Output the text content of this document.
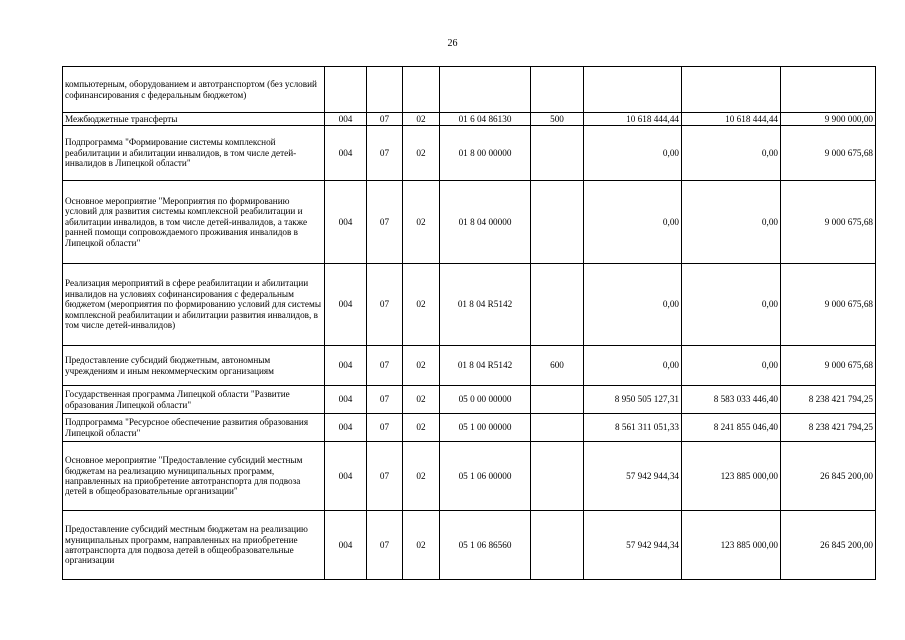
26
компьютерным, оборудованием и автотранспортом (без условий софинансирования с федеральным бюджетом)								
Межбюджетные трансферты	004	07	02	01 6 04 86130	500	10 618 444,44	10 618 444,44	9 900 000,00
Подпрограмма "Формирование системы комплексной реабилитации и абилитации инвалидов, в том числе детей-инвалидов в Липецкой области"	004	07	02	01 8 00 00000		0,00	0,00	9 000 675,68
Основное мероприятие "Мероприятия по формированию условий для развития системы комплексной реабилитации и абилитации инвалидов, в том числе детей-инвалидов, а также ранней помощи сопровождаемого проживания инвалидов в Липецкой области"	004	07	02	01 8 04 00000		0,00	0,00	9 000 675,68
Реализация мероприятий в сфере реабилитации и абилитации инвалидов на условиях софинансирования с федеральным бюджетом (мероприятия по формированию условий для системы комплексной реабилитации и абилитации развития инвалидов, в том числе детей-инвалидов)	004	07	02	01 8 04 R5142		0,00	0,00	9 000 675,68
Предоставление субсидий бюджетным, автономным учреждениям и иным некоммерческим организациям	004	07	02	01 8 04 R5142	600	0,00	0,00	9 000 675,68
Государственная программа Липецкой области "Развитие образования Липецкой области"	004	07	02	05 0 00 00000		8 950 505 127,31	8 583 033 446,40	8 238 421 794,25
Подпрограмма "Ресурсное обеспечение развития образования Липецкой области"	004	07	02	05 1 00 00000		8 561 311 051,33	8 241 855 046,40	8 238 421 794,25
Основное мероприятие "Предоставление субсидий местным бюджетам на реализацию муниципальных программ, направленных на приобретение автотранспорта для подвоза детей в общеобразовательные организации"	004	07	02	05 1 06 00000		57 942 944,34	123 885 000,00	26 845 200,00
Предоставление субсидий местным бюджетам на реализацию муниципальных программ, направленных на приобретение автотранспорта для подвоза детей в общеобразовательные организации	004	07	02	05 1 06 86560		57 942 944,34	123 885 000,00	26 845 200,00
